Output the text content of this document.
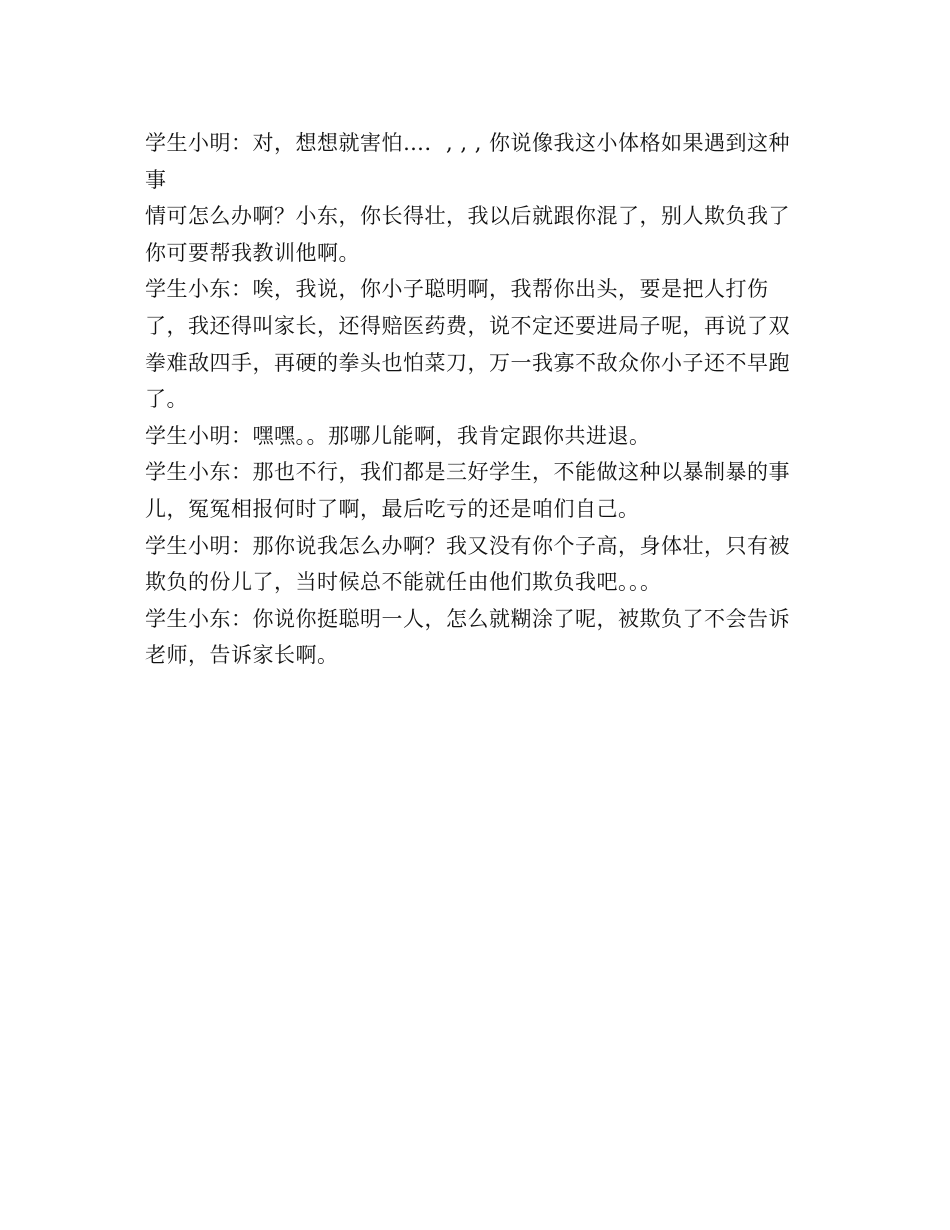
学生小明：对，想想就害怕…．, , , 你说像我这小体格如果遇到这种事
情可怎么办啊？小东，你长得壮，我以后就跟你混了，别人欺负我了
你可要帮我教训他啊。

学生小东：唉，我说，你小子聪明啊，我帮你出头，要是把人打伤
了，我还得叫家长，还得赔医药费，说不定还要进局子呢，再说了双
拳难敌四手，再硬的拳头也怕菜刀，万一我寡不敌众你小子还不早跑
了。

学生小明：嘿嘿。。那哪儿能啊，我肯定跟你共进退。

学生小东：那也不行，我们都是三好学生，不能做这种以暴制暴的事
儿，冤冤相报何时了啊，最后吃亏的还是咱们自己。

学生小明：那你说我怎么办啊？我又没有你个子高，身体壮，只有被
欺负的份儿了，当时候总不能就任由他们欺负我吧。。。

学生小东：你说你挺聪明一人，怎么就糊涂了呢，被欺负了不会告诉
老师，告诉家长啊。
